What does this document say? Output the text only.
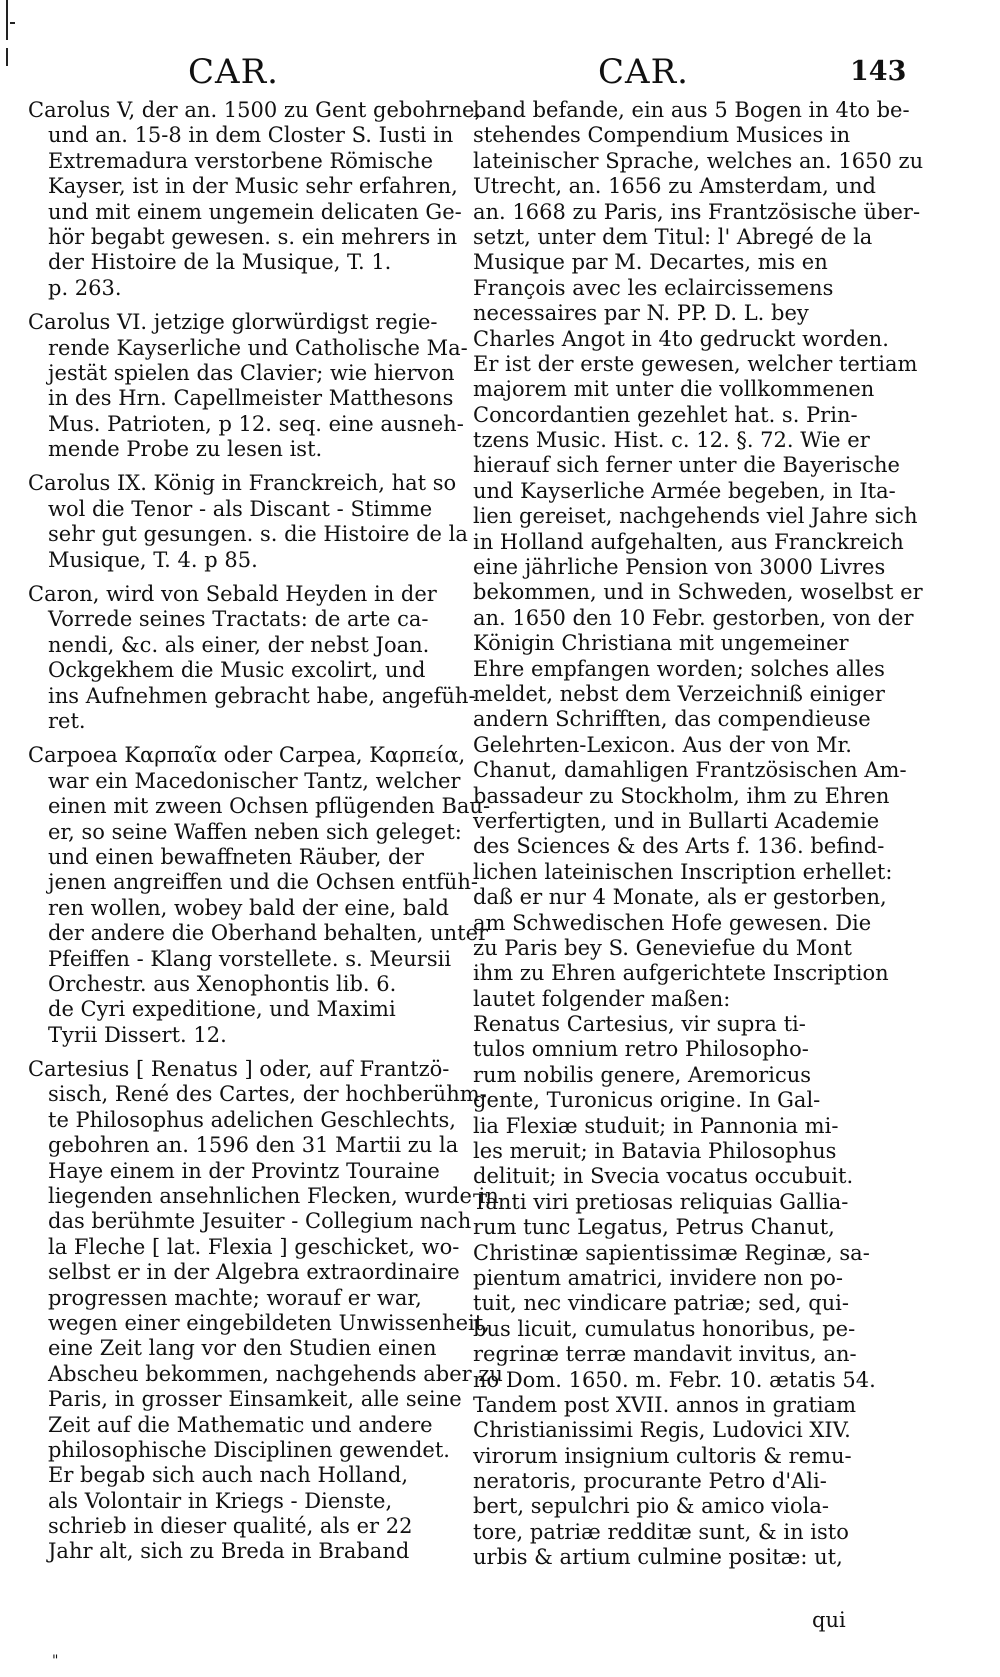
CAR.	CAR.	143
Carolus V, der an. 1500 zu Gent gebohrne,
und an. 15-8 in dem Closter S. Iusti in
Extremadura verstorbene Römische
Kayser, ist in der Music sehr erfahren,
und mit einem ungemein delicaten Ge-
hör begabt gewesen. s. ein mehrers in
der Histoire de la Musique, T. 1.
p. 263.
Carolus VI. jetzige glorwürdigst regie-
rende Kayserliche und Catholische Ma-
jestät spielen das Clavier; wie hiervon
in des Hrn. Capellmeister Matthesons
Mus. Patrioten, p 12. seq. eine ausneh-
mende Probe zu lesen ist.
Carolus IX. König in Franckreich, hat so
wol die Tenor - als Discant - Stimme
sehr gut gesungen. s. die Histoire de la
Musique, T. 4. p 85.
Caron, wird von Sebald Heyden in der
Vorrede seines Tractats: de arte ca-
nendi, &c. als einer, der nebst Joan.
Ockgekhem die Music excolirt, und
ins Aufnehmen gebracht habe, angefüh-
ret.
Carpoea Καρπαῖα oder Carpea, Καρπεία,
war ein Macedonischer Tantz, welcher
einen mit zween Ochsen pflügenden Bau-
er, so seine Waffen neben sich geleget:
und einen bewaffneten Räuber, der
jenen angreiffen und die Ochsen entfüh-
ren wollen, wobey bald der eine, bald
der andere die Oberhand behalten, unter
Pfeiffen - Klang vorstellete. s. Meursii
Orchestr. aus Xenophontis lib. 6.
de Cyri expeditione, und Maximi
Tyrii Dissert. 12.
Cartesius [ Renatus ] oder, auf Frantzö-
sisch, René des Cartes, der hochberühm-
te Philosophus adelichen Geschlechts,
gebohren an. 1596 den 31 Martii zu la
Haye einem in der Provintz Touraine
liegenden ansehnlichen Flecken, wurde in
das berühmte Jesuiter - Collegium nach
la Fleche [ lat. Flexia ] geschicket, wo-
selbst er in der Algebra extraordinaire
progressen machte; worauf er war,
wegen einer eingebildeten Unwissenheit,
eine Zeit lang vor den Studien einen
Abscheu bekommen, nachgehends aber zu
Paris, in grosser Einsamkeit, alle seine
Zeit auf die Mathematic und andere
philosophische Disciplinen gewendet.
Er begab sich auch nach Holland,
als Volontair in Kriegs - Dienste,
schrieb in dieser qualité, als er 22
Jahr alt, sich zu Breda in Braband
band befande, ein aus 5 Bogen in 4to be-
stehendes Compendium Musices in
lateinischer Sprache, welches an. 1650 zu
Utrecht, an. 1656 zu Amsterdam, und
an. 1668 zu Paris, ins Frantzösische über-
setzt, unter dem Titul: l' Abregé de la
Musique par M. Decartes, mis en
François avec les eclaircissemens
necessaires par N. PP. D. L. bey
Charles Angot in 4to gedruckt worden.
Er ist der erste gewesen, welcher tertiam
majorem mit unter die vollkommenen
Concordantien gezehlet hat. s. Prin-
tzens Music. Hist. c. 12. §. 72. Wie er
hierauf sich ferner unter die Bayerische
und Kayserliche Armée begeben, in Ita-
lien gereiset, nachgehends viel Jahre sich
in Holland aufgehalten, aus Franckreich
eine jährliche Pension von 3000 Livres
bekommen, und in Schweden, woselbst er
an. 1650 den 10 Febr. gestorben, von der
Königin Christiana mit ungemeiner
Ehre empfangen worden; solches alles
meldet, nebst dem Verzeichniß einiger
andern Schrifften, das compendieuse
Gelehrten-Lexicon. Aus der von Mr.
Chanut, damahligen Frantzösischen Am-
bassadeur zu Stockholm, ihm zu Ehren
verfertigten, und in Bullarti Academie
des Sciences & des Arts f. 136. befind-
lichen lateinischen Inscription erhellet:
daß er nur 4 Monate, als er gestorben,
am Schwedischen Hofe gewesen. Die
zu Paris bey S. Geneviefue du Mont
ihm zu Ehren aufgerichtete Inscription
lautet folgender maßen:
Renatus Cartesius, vir supra ti-
tulos omnium retro Philosopho-
rum nobilis genere, Aremoricus
gente, Turonicus origine. In Gal-
lia Flexiæ studuit; in Pannonia mi-
les meruit; in Batavia Philosophus
delituit; in Svecia vocatus occubuit.
Tanti viri pretiosas reliquias Gallia-
rum tunc Legatus, Petrus Chanut,
Christinæ sapientissimæ Reginæ, sa-
pientum amatrici, invidere non po-
tuit, nec vindicare patriæ; sed, qui-
bus licuit, cumulatus honoribus, pe-
regrinæ terræ mandavit invitus, an-
no Dom. 1650. m. Febr. 10. ætatis 54.
Tandem post XVII. annos in gratiam
Christianissimi Regis, Ludovici XIV.
virorum insignium cultoris & remu-
neratoris, procurante Petro d'Ali-
bert, sepulchri pio & amico viola-
tore, patriæ redditæ sunt, & in isto
urbis & artium culmine positæ: ut,
qui
"
